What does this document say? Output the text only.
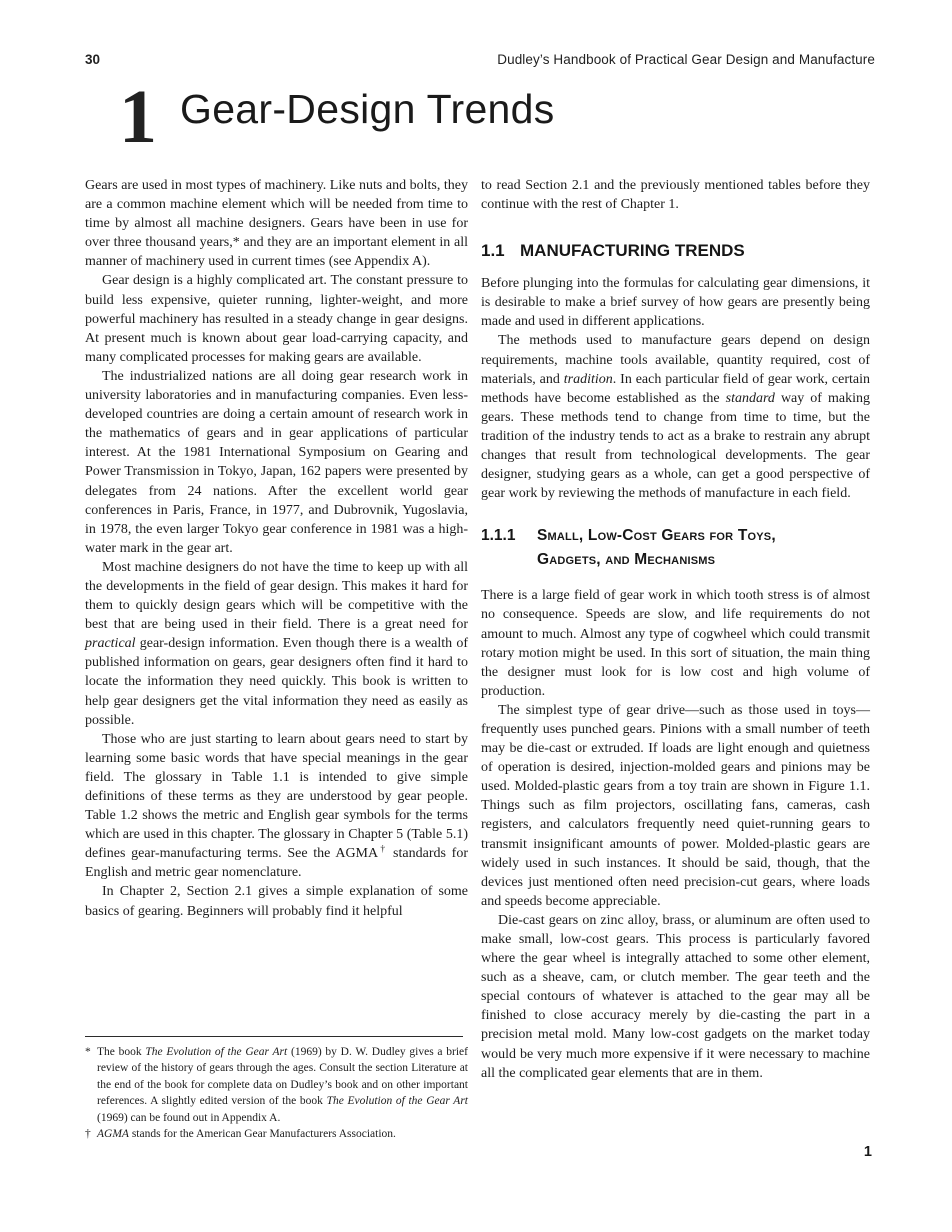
30	Dudley’s Handbook of Practical Gear Design and Manufacture
1 Gear-Design Trends

Gears are used in most types of machinery. Like nuts and bolts, they are a common machine element which will be needed from time to time by almost all machine designers. Gears have been in use for over three thousand years,* and they are an important element in all manner of machinery used in current times (see Appendix A).

Gear design is a highly complicated art. The constant pressure to build less expensive, quieter running, lighter-weight, and more powerful machinery has resulted in a steady change in gear designs. At present much is known about gear load-carrying capacity, and many complicated processes for making gears are available.

The industrialized nations are all doing gear research work in university laboratories and in manufacturing companies. Even less-developed countries are doing a certain amount of research work in the mathematics of gears and in gear applications of particular interest. At the 1981 International Symposium on Gearing and Power Transmission in Tokyo, Japan, 162 papers were presented by delegates from 24 nations. After the excellent world gear conferences in Paris, France, in 1977, and Dubrovnik, Yugoslavia, in 1978, the even larger Tokyo gear conference in 1981 was a high-water mark in the gear art.

Most machine designers do not have the time to keep up with all the developments in the field of gear design. This makes it hard for them to quickly design gears which will be competitive with the best that are being used in their field. There is a great need for practical gear-design information. Even though there is a wealth of published information on gears, gear designers often find it hard to locate the information they need quickly. This book is written to help gear designers get the vital information they need as easily as possible.

Those who are just starting to learn about gears need to start by learning some basic words that have special meanings in the gear field. The glossary in Table 1.1 is intended to give simple definitions of these terms as they are understood by gear people. Table 1.2 shows the metric and English gear symbols for the terms which are used in this chapter. The glossary in Chapter 5 (Table 5.1) defines gear-manufacturing terms. See the AGMA† standards for English and metric gear nomenclature.

In Chapter 2, Section 2.1 gives a simple explanation of some basics of gearing. Beginners will probably find it helpful

to read Section 2.1 and the previously mentioned tables before they continue with the rest of Chapter 1.

1.1 MANUFACTURING TRENDS

Before plunging into the formulas for calculating gear dimensions, it is desirable to make a brief survey of how gears are presently being made and used in different applications.

The methods used to manufacture gears depend on design requirements, machine tools available, quantity required, cost of materials, and tradition. In each particular field of gear work, certain methods have become established as the standard way of making gears. These methods tend to change from time to time, but the tradition of the industry tends to act as a brake to restrain any abrupt changes that result from technological developments. The gear designer, studying gears as a whole, can get a good perspective of gear work by reviewing the methods of manufacture in each field.

1.1.1	Small, Low-Cost Gears for Toys,
Gadgets, and Mechanisms

There is a large field of gear work in which tooth stress is of almost no consequence. Speeds are slow, and life requirements do not amount to much. Almost any type of cogwheel which could transmit rotary motion might be used. In this sort of situation, the main thing the designer must look for is low cost and high volume of production.

The simplest type of gear drive—such as those used in toys—frequently uses punched gears. Pinions with a small number of teeth may be die-cast or extruded. If loads are light enough and quietness of operation is desired, injection-molded gears and pinions may be used. Molded-plastic gears from a toy train are shown in Figure 1.1. Things such as film projectors, oscillating fans, cameras, cash registers, and calculators frequently need quiet-running gears to transmit insignificant amounts of power. Molded-plastic gears are widely used in such instances. It should be said, though, that the devices just mentioned often need precision-cut gears, where loads and speeds become appreciable.

Die-cast gears on zinc alloy, brass, or aluminum are often used to make small, low-cost gears. This process is particularly favored where the gear wheel is integrally attached to some other element, such as a sheave, cam, or clutch member. The gear teeth and the special contours of whatever is attached to the gear may all be finished to close accuracy merely by die-casting the part in a precision metal mold. Many low-cost gadgets on the market today would be very much more expensive if it were necessary to machine all the complicated gear elements that are in them.

* The book The Evolution of the Gear Art (1969) by D. W. Dudley gives a brief review of the history of gears through the ages. Consult the section Literature at the end of the book for complete data on Dudley’s book and on other important references. A slightly edited version of the book The Evolution of the Gear Art (1969) can be found out in Appendix A.

† AGMA stands for the American Gear Manufacturers Association.

1
